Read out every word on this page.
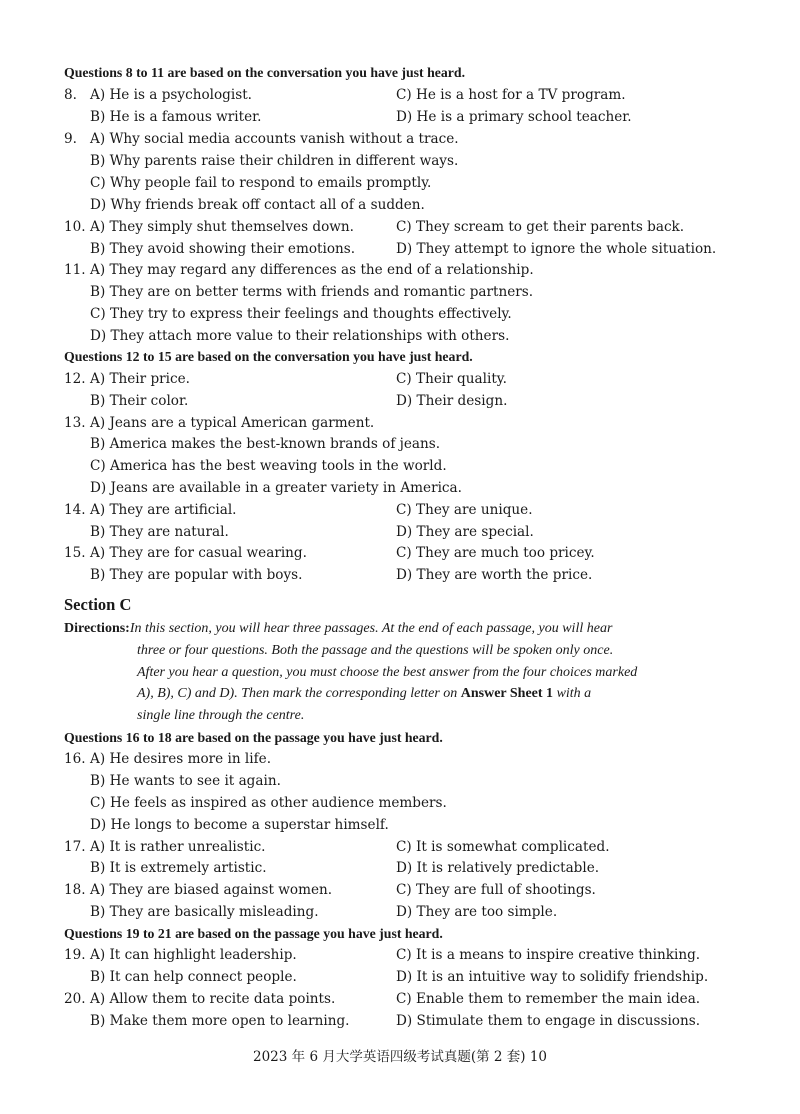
Questions 8 to 11 are based on the conversation you have just heard.
8. A) He is a psychologist.	C) He is a host for a TV program.
B) He is a famous writer.	D) He is a primary school teacher.
9. A) Why social media accounts vanish without a trace.
B) Why parents raise their children in different ways.
C) Why people fail to respond to emails promptly.
D) Why friends break off contact all of a sudden.
10. A) They simply shut themselves down.	C) They scream to get their parents back.
B) They avoid showing their emotions.	D) They attempt to ignore the whole situation.
11. A) They may regard any differences as the end of a relationship.
B) They are on better terms with friends and romantic partners.
C) They try to express their feelings and thoughts effectively.
D) They attach more value to their relationships with others.
Questions 12 to 15 are based on the conversation you have just heard.
12. A) Their price.	C) Their quality.
B) Their color.	D) Their design.
13. A) Jeans are a typical American garment.
B) America makes the best-known brands of jeans.
C) America has the best weaving tools in the world.
D) Jeans are available in a greater variety in America.
14. A) They are artificial.	C) They are unique.
B) They are natural.	D) They are special.
15. A) They are for casual wearing.	C) They are much too pricey.
B) They are popular with boys.	D) They are worth the price.
Section C
Directions:In this section, you will hear three passages. At the end of each passage, you will hear
three or four questions. Both the passage and the questions will be spoken only once.
After you hear a question, you must choose the best answer from the four choices marked
A), B), C) and D). Then mark the corresponding letter on Answer Sheet 1 with a
single line through the centre.
Questions 16 to 18 are based on the passage you have just heard.
16. A) He desires more in life.
B) He wants to see it again.
C) He feels as inspired as other audience members.
D) He longs to become a superstar himself.
17. A) It is rather unrealistic.	C) It is somewhat complicated.
B) It is extremely artistic.	D) It is relatively predictable.
18. A) They are biased against women.	C) They are full of shootings.
B) They are basically misleading.	D) They are too simple.
Questions 19 to 21 are based on the passage you have just heard.
19. A) It can highlight leadership.	C) It is a means to inspire creative thinking.
B) It can help connect people.	D) It is an intuitive way to solidify friendship.
20. A) Allow them to recite data points.	C) Enable them to remember the main idea.
B) Make them more open to learning.	D) Stimulate them to engage in discussions.
2023 年 6 月大学英语四级考试真题(第 2 套) 10
